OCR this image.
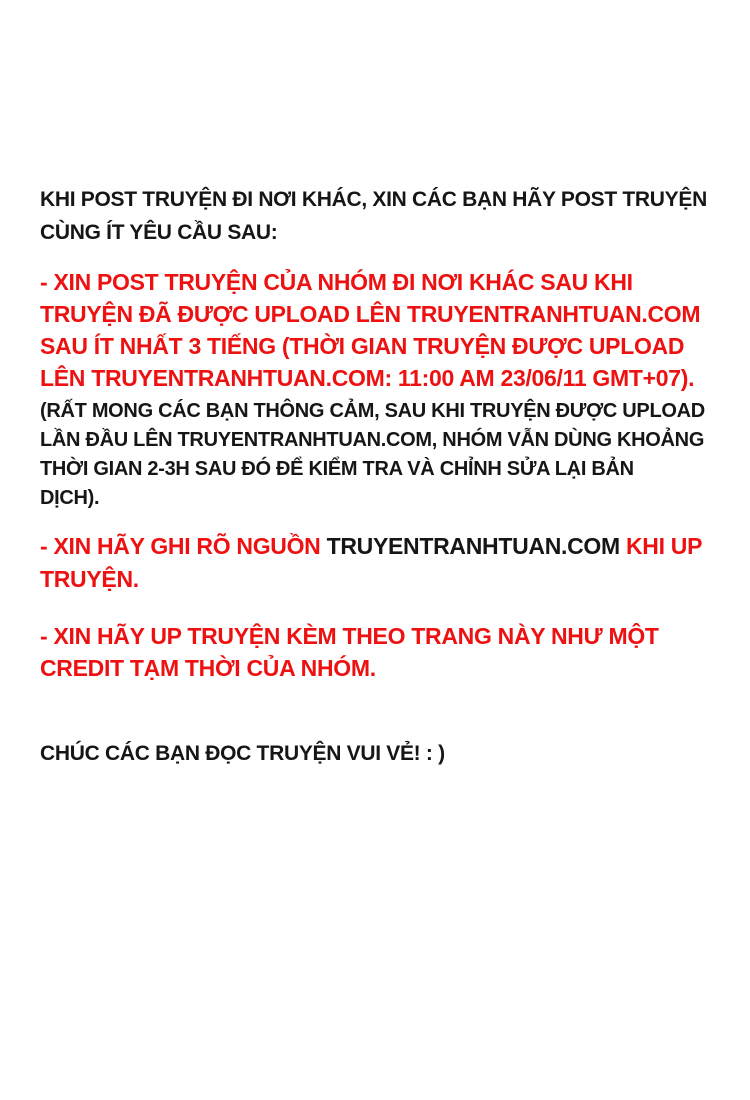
KHI POST TRUYỆN ĐI NƠI KHÁC, XIN CÁC BẠN HÃY POST TRUYỆN
CÙNG ÍT YÊU CẦU SAU:

- XIN POST TRUYỆN CỦA NHÓM ĐI NƠI KHÁC SAU KHI
TRUYỆN ĐÃ ĐƯỢC UPLOAD LÊN TRUYENTRANHTUAN.COM
SAU ÍT NHẤT 3 TIẾNG (THỜI GIAN TRUYỆN ĐƯỢC UPLOAD
LÊN TRUYENTRANHTUAN.COM: 11:00 AM 23/06/11 GMT+07).

(RẤT MONG CÁC BẠN THÔNG CẢM, SAU KHI TRUYỆN ĐƯỢC UPLOAD
LẦN ĐẦU LÊN TRUYENTRANHTUAN.COM, NHÓM VẪN DÙNG KHOẢNG
THỜI GIAN 2-3H SAU ĐÓ ĐỂ KIỂM TRA VÀ CHỈNH SỬA LẠI BẢN
DỊCH).

- XIN HÃY GHI RÕ NGUỒN TRUYENTRANHTUAN.COM KHI UP
TRUYỆN.

- XIN HÃY UP TRUYỆN KÈM THEO TRANG NÀY NHƯ MỘT
CREDIT TẠM THỜI CỦA NHÓM.

CHÚC CÁC BẠN ĐỌC TRUYỆN VUI VẺ! : )
